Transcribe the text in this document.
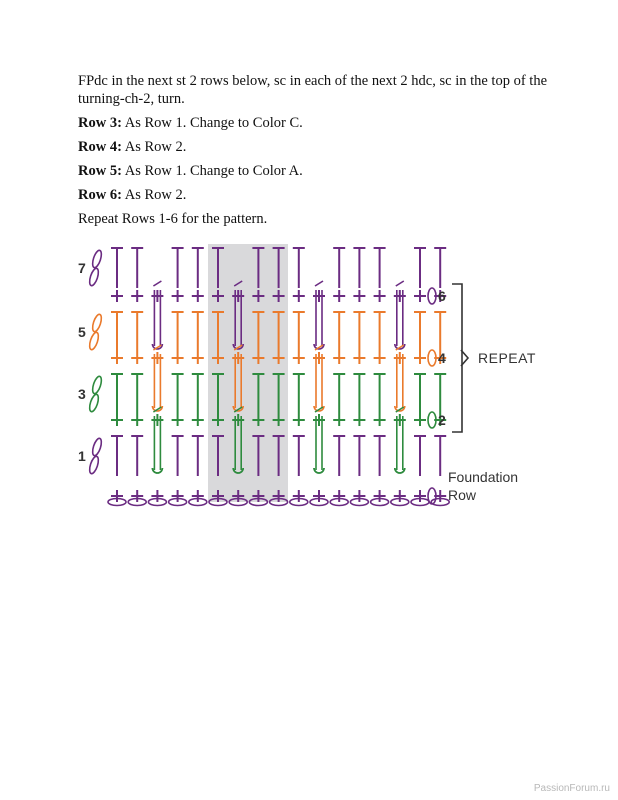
FPdc in the next st 2 rows below, sc in each of the next 2 hdc, sc in the top of the turning-ch-2, turn.

Row 3: As Row 1. Change to Color C.

Row 4: As Row 2.

Row 5: As Row 1. Change to Color A.

Row 6: As Row 2.

Repeat Rows 1-6 for the pattern.

7
5
3
1
6
4
2
REPEAT
Foundation
Row
PassionForum.ru
